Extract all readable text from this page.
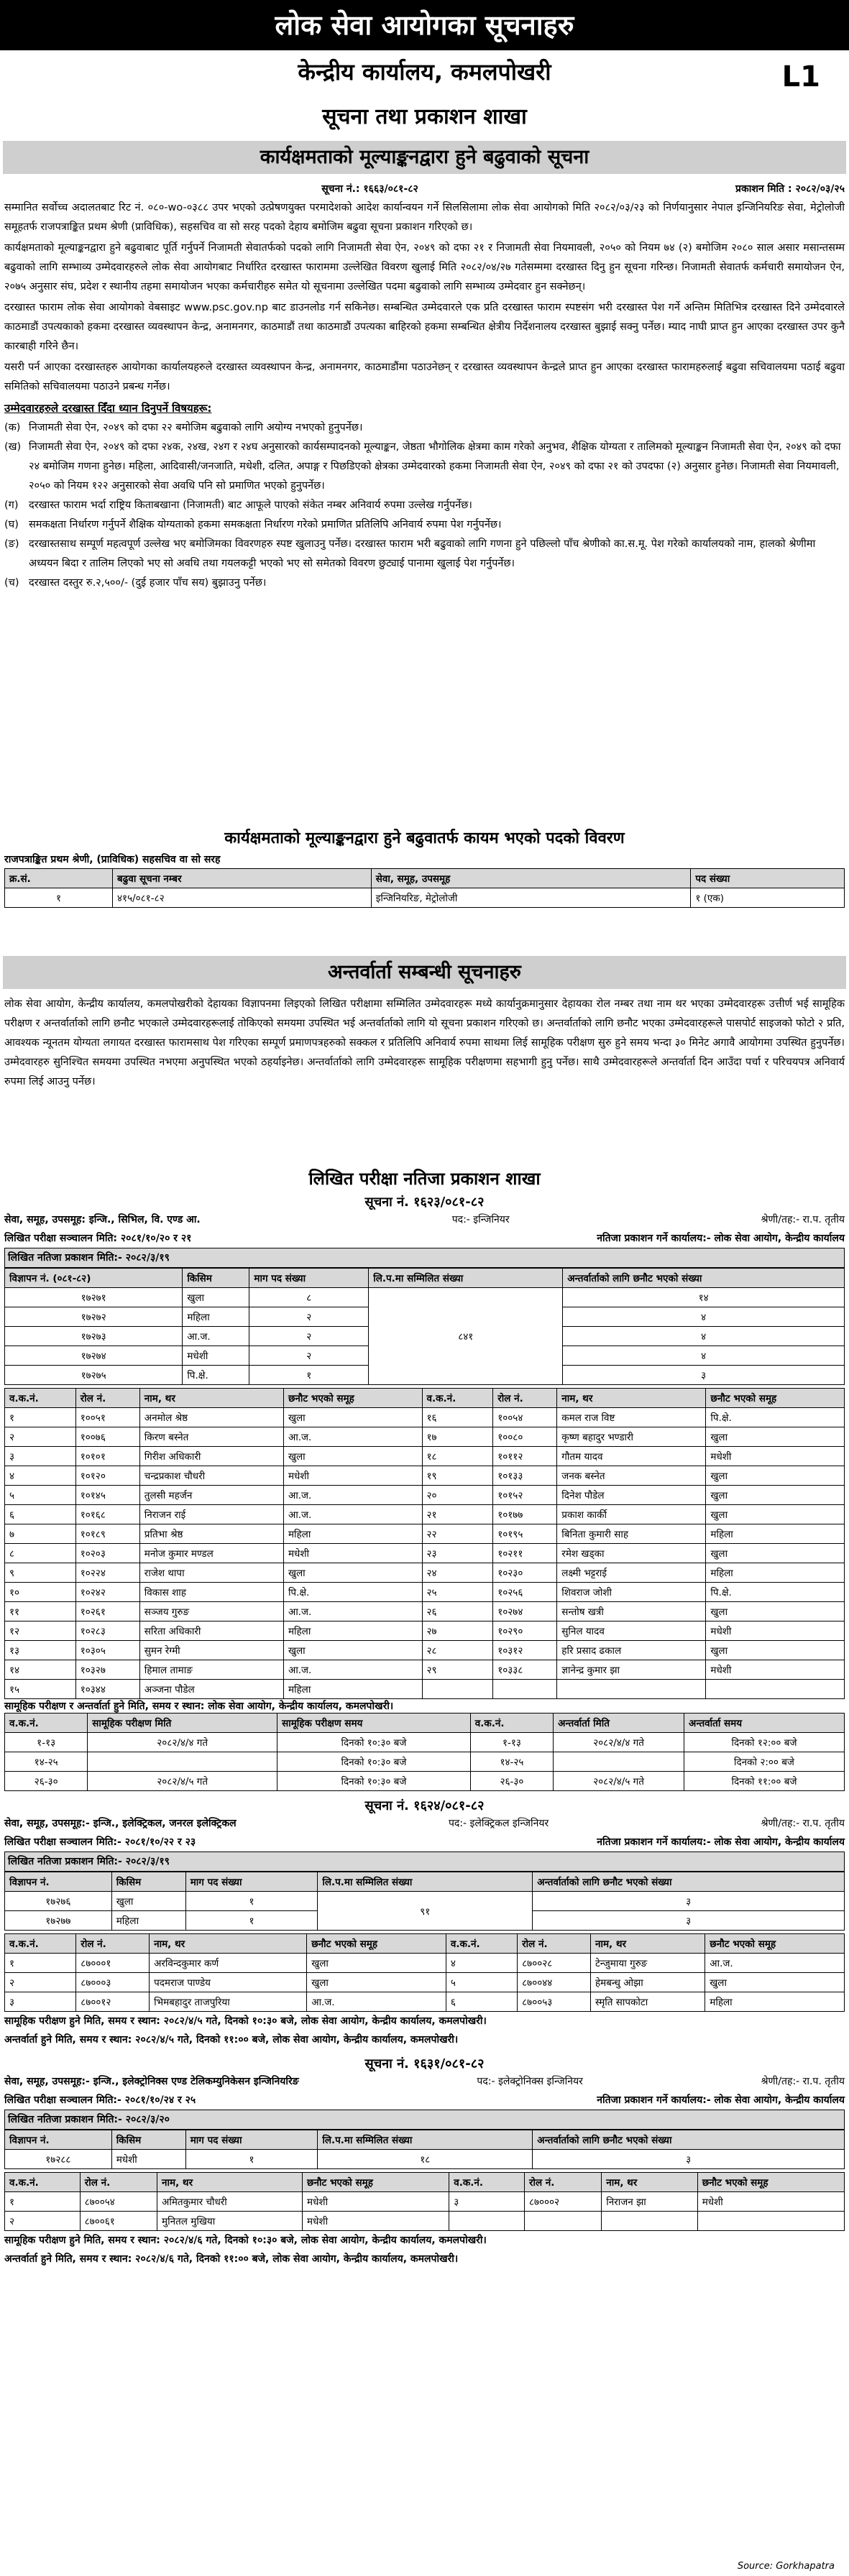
लोक सेवा आयोगका सूचनाहरु
केन्द्रीय कार्यालय, कमलपोखरी	L1
सूचना तथा प्रकाशन शाखा
कार्यक्षमताको मूल्याङ्कनद्वारा हुने बढुवाको सूचना
सूचना नं.: १६६३/०८१-८२	प्रकाशन मिति : २०८२/०३/२५

सम्मानित सर्वोच्च अदालतबाट रिट नं. ०८०-wo-०३८८ उपर भएको उत्प्रेषणयुक्त परमादेशको आदेश कार्यान्वयन गर्ने सिलसिलामा लोक सेवा आयोगको मिति २०८२/०३/२३ को निर्णयानुसार नेपाल इन्जिनियरिङ सेवा, मेट्रोलोजी समूहतर्फ राजपत्राङ्कित प्रथम श्रेणी (प्राविधिक), सहसचिव वा सो सरह पदको देहाय बमोजिम बढुवा सूचना प्रकाशन गरिएको छ।

कार्यक्षमताको मूल्याङ्कनद्वारा हुने बढुवाबाट पूर्ति गर्नुपर्ने निजामती सेवातर्फको पदको लागि निजामती सेवा ऐन, २०४९ को दफा २१ र निजामती सेवा नियमावली, २०५० को नियम ७४ (२) बमोजिम २०८० साल असार मसान्तसम्म बढुवाको लागि सम्भाव्य उम्मेदवारहरुले लोक सेवा आयोगबाट निर्धारित दरखास्त फाराममा उल्लेखित विवरण खुलाई मिति २०८२/०४/२७ गतेसम्ममा दरखास्त दिनु हुन सूचना गरिन्छ। निजामती सेवातर्फ कर्मचारी समायोजन ऐन, २०७५ अनुसार संघ, प्रदेश र स्थानीय तहमा समायोजन भएका कर्मचारीहरु समेत यो सूचनामा उल्लेखित पदमा बढुवाको लागि सम्भाव्य उम्मेदवार हुन सक्नेछन्।

दरखास्त फाराम लोक सेवा आयोगको वेबसाइट www.psc.gov.np बाट डाउनलोड गर्न सकिनेछ। सम्बन्धित उम्मेदवारले एक प्रति दरखास्त फाराम स्पष्टसंग भरी दरखास्त पेश गर्ने अन्तिम मितिभित्र दरखास्त दिने उम्मेदवारले काठमाडौं उपत्यकाको हकमा दरखास्त व्यवस्थापन केन्द्र, अनामनगर, काठमाडौं तथा काठमाडौं उपत्यका बाहिरको हकमा सम्बन्धित क्षेत्रीय निर्देशनालय दरखास्त बुझाई सक्नु पर्नेछ। म्याद नाघी प्राप्त हुन आएका दरखास्त उपर कुनै कारबाही गरिने छैन।

यसरी पर्न आएका दरखास्तहरु आयोगका कार्यालयहरुले दरखास्त व्यवस्थापन केन्द्र, अनामनगर, काठमाडौंमा पठाउनेछन् र दरखास्त व्यवस्थापन केन्द्रले प्राप्त हुन आएका दरखास्त फारामहरुलाई बढुवा सचिवालयमा पठाई बढुवा समितिको सचिवालयमा पठाउने प्रबन्ध गर्नेछ।

उम्मेदवारहरुले दरखास्त दिँदा ध्यान दिनुपर्ने विषयहरू:
(क) निजामती सेवा ऐन, २०४९ को दफा २२ बमोजिम बढुवाको लागि अयोग्य नभएको हुनुपर्नेछ।
(ख) निजामती सेवा ऐन, २०४९ को दफा २४क, २४ख, २४ग र २४घ अनुसारको कार्यसम्पादनको मूल्याङ्कन, जेष्ठता भौगोलिक क्षेत्रमा काम गरेको अनुभव, शैक्षिक योग्यता र तालिमको मूल्याङ्कन निजामती सेवा ऐन, २०४९ को दफा २४ बमोजिम गणना हुनेछ। महिला, आदिवासी/जनजाति, मधेशी, दलित, अपाङ्ग र पिछडिएको क्षेत्रका उम्मेदवारको हकमा निजामती सेवा ऐन, २०४९ को दफा २१ को उपदफा (२) अनुसार हुनेछ। निजामती सेवा नियमावली, २०५० को नियम १२२ अनुसारको सेवा अवधि पनि सो प्रमाणित भएको हुनुपर्नेछ।
(ग)	दरखास्त फाराम भर्दा राष्ट्रिय किताबखाना (निजामती) बाट आफूले पाएको संकेत नम्बर अनिवार्य रुपमा उल्लेख गर्नुपर्नेछ।
(घ) समकक्षता निर्धारण गर्नुपर्ने शैक्षिक योग्यताको हकमा समकक्षता निर्धारण गरेको प्रमाणित प्रतिलिपि अनिवार्य रुपमा पेश गर्नुपर्नेछ।
(ङ) दरखास्तसाथ सम्पूर्ण महत्वपूर्ण उल्लेख भए बमोजिमका विवरणहरु स्पष्ट खुलाउनु पर्नेछ। दरखास्त फाराम भरी बढुवाको लागि गणना हुने पछिल्लो पाँच श्रेणीको का.स.मू. पेश गरेको कार्यालयको नाम, हालको श्रेणीमा अध्ययन बिदा र तालिम लिएको भए सो अवधि तथा गयलकट्टी भएको भए सो समेतको विवरण छुट्याई पानामा खुलाई पेश गर्नुपर्नेछ।
(च) दरखास्त दस्तुर रु.२,५००/- (दुई हजार पाँच सय) बुझाउनु पर्नेछ।
कार्यक्षमताको मूल्याङ्कनद्वारा हुने बढुवातर्फ कायम भएको पदको विवरण
राजपत्राङ्कित प्रथम श्रेणी, (प्राविधिक) सहसचिव वा सो सरह
क्र.सं.	बढुवा सूचना नम्बर	सेवा, समूह, उपसमूह	पद संख्या
१	४१५/०८१-८२	इन्जिनियरिङ, मेट्रोलोजी	१ (एक)
अन्तर्वार्ता सम्बन्धी सूचनाहरु

लोक सेवा आयोग, केन्द्रीय कार्यालय, कमलपोखरीको देहायका विज्ञापनमा लिइएको लिखित परीक्षामा सम्मिलित उम्मेदवारहरू मध्ये कार्यानुक्रमानुसार देहायका रोल नम्बर तथा नाम थर भएका उम्मेदवारहरू उत्तीर्ण भई सामूहिक परीक्षण र अन्तर्वार्ताको लागि छनौट भएकाले उम्मेदवारहरूलाई तोकिएको समयमा उपस्थित भई अन्तर्वार्ताको लागि यो सूचना प्रकाशन गरिएको छ। अन्तर्वार्ताको लागि छनौट भएका उम्मेदवारहरूले पासपोर्ट साइजको फोटो २ प्रति, आवश्यक न्यूनतम योग्यता लगायत दरखास्त फारामसाथ पेश गरिएका सम्पूर्ण प्रमाणपत्रहरुको सक्कल र प्रतिलिपि अनिवार्य रुपमा साथमा लिई सामूहिक परीक्षण सुरु हुने समय भन्दा ३० मिनेट अगावै आयोगमा उपस्थित हुनुपर्नेछ। उम्मेदवारहरु सुनिश्चित समयमा उपस्थित नभएमा अनुपस्थित भएको ठहर्याइनेछ। अन्तर्वार्ताको लागि उम्मेदवारहरू सामूहिक परीक्षणमा सहभागी हुनु पर्नेछ। साथै उम्मेदवारहरूले अन्तर्वार्ता दिन आउँदा पर्चा र परिचयपत्र अनिवार्य रुपमा लिई आउनु पर्नेछ।

लिखित परीक्षा नतिजा प्रकाशन शाखा
सूचना नं. १६२३/०८१-८२
सेवा, समूह, उपसमूह: इन्जि., सिभिल, वि. एण्ड आ.	पद:- इन्जिनियर	श्रेणी/तह:- रा.प. तृतीय
लिखित परीक्षा सञ्चालन मिति: २०८१/१०/२० र २१	नतिजा प्रकाशन गर्ने कार्यालय:- लोक सेवा आयोग, केन्द्रीय कार्यालय
लिखित नतिजा प्रकाशन मिति:- २०८२/३/१९
विज्ञापन नं. (०८१-८२)	किसिम	माग पद संख्या	लि.प.मा सम्मिलित संख्या	अन्तर्वार्ताको लागि छनौट भएको संख्या
१७२७१	खुला	८	८४१	१४
१७२७२	महिला	२		४
१७२७३	आ.ज.	२		४
१७२७४	मधेशी	२		४
१७२७५	पि.क्षे.	१		३
व.क.नं.	रोल नं.	नाम, थर	छनौट भएको समूह	व.क.नं.	रोल नं.	नाम, थर	छनौट भएको समूह
१	१००५१	अनमोल श्रेष्ठ	खुला	१६	१००५४	कमल राज विष्ट	पि.क्षे.
२	१००७६	किरण बस्नेत	आ.ज.	१७	१००८०	कृष्ण बहादुर भण्डारी	खुला
३	१०१०१	गिरीश अधिकारी	खुला	१८	१०११२	गौतम यादव	मधेशी
४	१०१२०	चन्द्रप्रकाश चौधरी	मधेशी	१९	१०१३३	जनक बस्नेत	खुला
५	१०१४५	तुलसी महर्जन	आ.ज.	२०	१०१५२	दिनेश पौडेल	खुला
६	१०१६८	निराजन राई	आ.ज.	२१	१०१७७	प्रकाश कार्की	खुला
७	१०१८९	प्रतिभा श्रेष्ठ	महिला	२२	१०१९५	बिनिता कुमारी साह	महिला
८	१०२०३	मनोज कुमार मण्डल	मधेशी	२३	१०२११	रमेश खड्का	खुला
९	१०२२४	राजेश थापा	खुला	२४	१०२३०	लक्ष्मी भट्टराई	महिला
१०	१०२४२	विकास शाह	पि.क्षे.	२५	१०२५६	शिवराज जोशी	पि.क्षे.
११	१०२६१	सञ्जय गुरुङ	आ.ज.	२६	१०२७४	सन्तोष खत्री	खुला
१२	१०२८३	सरिता अधिकारी	महिला	२७	१०२९०	सुनिल यादव	मधेशी
१३	१०३०५	सुमन रेग्मी	खुला	२८	१०३१२	हरि प्रसाद ढकाल	खुला
१४	१०३२७	हिमाल तामाङ	आ.ज.	२९	१०३३८	ज्ञानेन्द्र कुमार झा	मधेशी
१५	१०३४४	अञ्जना पौडेल	महिला				
सामूहिक परीक्षण र अन्तर्वार्ता हुने मिति, समय र स्थान: लोक सेवा आयोग, केन्द्रीय कार्यालय, कमलपोखरी।
व.क.नं.	सामूहिक परीक्षण मिति	सामूहिक परीक्षण समय	व.क.नं.	अन्तर्वार्ता मिति	अन्तर्वार्ता समय
१-१३	२०८२/४/४ गते	दिनको १०:३० बजे	१-१३	२०८२/४/४ गते	दिनको १२:०० बजे
१४-२५		दिनको १०:३० बजे	१४-२५		दिनको २:०० बजे
२६-३०	२०८२/४/५ गते	दिनको १०:३० बजे	२६-३०	२०८२/४/५ गते	दिनको ११:०० बजे
सूचना नं. १६२४/०८१-८२
सेवा, समूह, उपसमूह:- इन्जि., इलेक्ट्रिकल, जनरल इलेक्ट्रिकल	पद:- इलेक्ट्रिकल इन्जिनियर	श्रेणी/तह:- रा.प. तृतीय
लिखित परीक्षा सञ्चालन मिति:- २०८१/१०/२२ र २३	नतिजा प्रकाशन गर्ने कार्यालय:- लोक सेवा आयोग, केन्द्रीय कार्यालय
लिखित नतिजा प्रकाशन मिति:- २०८२/३/१९
विज्ञापन नं.	किसिम	माग पद संख्या	लि.प.मा सम्मिलित संख्या	अन्तर्वार्ताको लागि छनौट भएको संख्या
१७२७६	खुला	१	९१	३
१७२७७	महिला	१		३
व.क.नं.	रोल नं.	नाम, थर	छनौट भएको समूह	व.क.नं.	रोल नं.	नाम, थर	छनौट भएको समूह
१	८७०००१	अरविन्दकुमार कर्ण	खुला	४	८७००२८	टेन्जुमाया गुरुङ	आ.ज.
२	८७०००३	पदमराज पाण्डेय	खुला	५	८७००४४	हेमबन्धु ओझा	खुला
३	८७००१२	भिमबहादुर ताजपुरिया	आ.ज.	६	८७००५३	स्मृति सापकोटा	महिला
सामूहिक परीक्षण हुने मिति, समय र स्थान: २०८२/४/५ गते, दिनको १०:३० बजे, लोक सेवा आयोग, केन्द्रीय कार्यालय, कमलपोखरी।
अन्तर्वार्ता हुने मिति, समय र स्थान: २०८२/४/५ गते, दिनको ११:०० बजे, लोक सेवा आयोग, केन्द्रीय कार्यालय, कमलपोखरी।
सूचना नं. १६३१/०८१-८२
सेवा, समूह, उपसमूह:- इन्जि., इलेक्ट्रोनिक्स एण्ड टेलिकम्युनिकेसन इन्जिनियरिङ	पद:- इलेक्ट्रोनिक्स इन्जिनियर	श्रेणी/तह:- रा.प. तृतीय
लिखित परीक्षा सञ्चालन मिति:- २०८१/१०/२४ र २५	नतिजा प्रकाशन गर्ने कार्यालय:- लोक सेवा आयोग, केन्द्रीय कार्यालय
लिखित नतिजा प्रकाशन मिति:- २०८२/३/२०
विज्ञापन नं.	किसिम	माग पद संख्या	लि.प.मा सम्मिलित संख्या	अन्तर्वार्ताको लागि छनौट भएको संख्या
१७२८८	मधेशी	१	१८	३
व.क.नं.	रोल नं.	नाम, थर	छनौट भएको समूह	व.क.नं.	रोल नं.	नाम, थर	छनौट भएको समूह
१	८७००५४	अमितकुमार चौधरी	मधेशी	३	८७०००२	निराजन झा	मधेशी
२	८७००६१	मुनितल मुखिया	मधेशी				
सामूहिक परीक्षण हुने मिति, समय र स्थान: २०८२/४/६ गते, दिनको १०:३० बजे, लोक सेवा आयोग, केन्द्रीय कार्यालय, कमलपोखरी।
अन्तर्वार्ता हुने मिति, समय र स्थान: २०८२/४/६ गते, दिनको ११:०० बजे, लोक सेवा आयोग, केन्द्रीय कार्यालय, कमलपोखरी।
Source: Gorkhapatra
